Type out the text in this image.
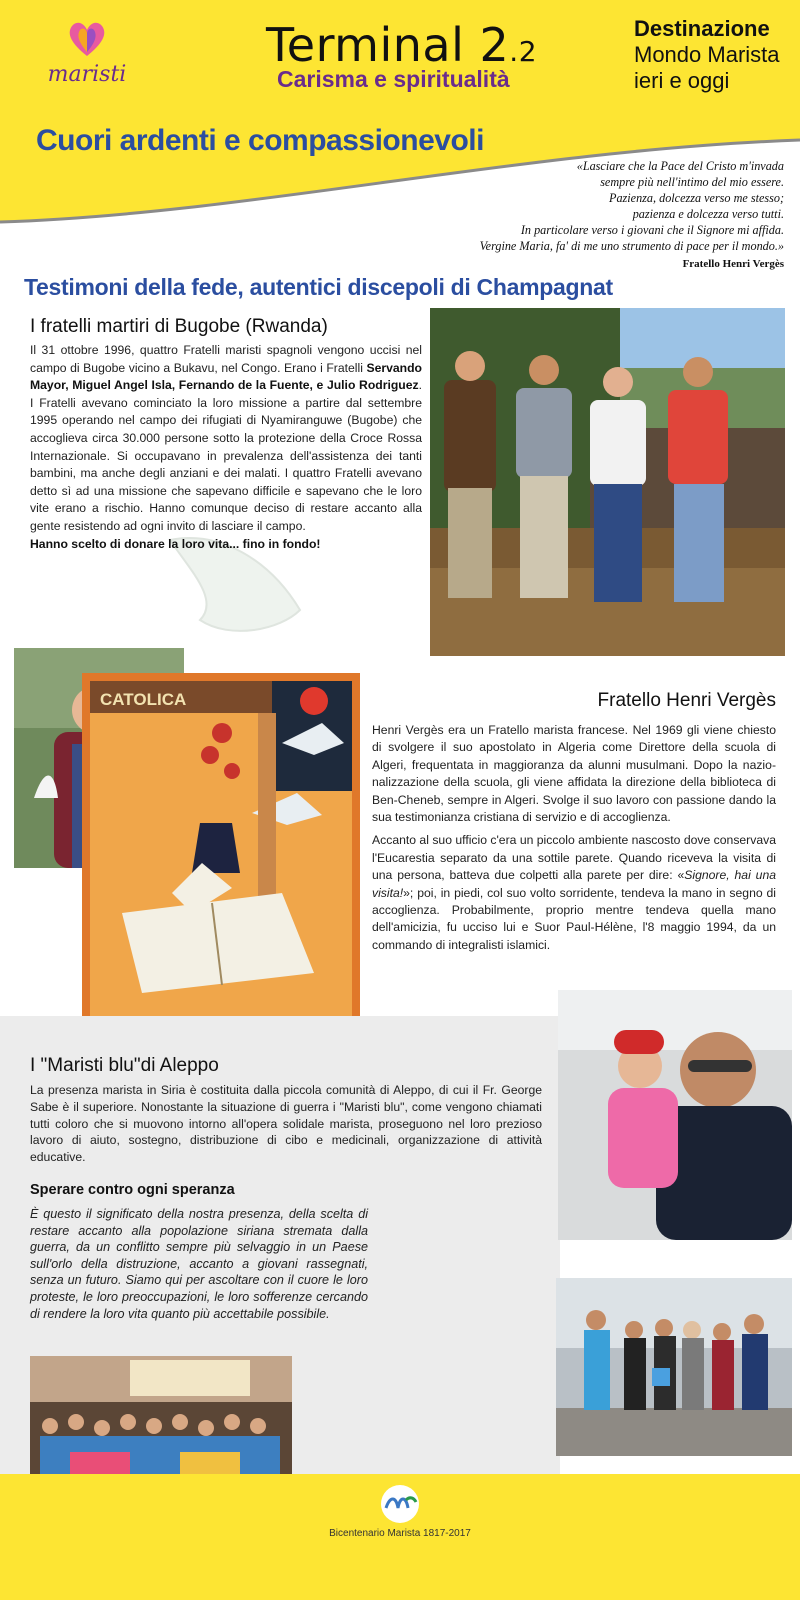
maristi
Terminal 2.2
Carisma e spiritualità
Destinazione
Mondo Marista
ieri e oggi
Cuori ardenti e compassionevoli
«Lasciare che la Pace del Cristo m'invada
sempre più nell'intimo del mio essere.
Pazienza, dolcezza verso me stesso;
pazienza e dolcezza verso tutti.
In particolare verso i giovani che il Signore mi affida.
Vergine Maria, fa' di me uno strumento di pace per il mondo.»
Fratello Henri Vergès
Testimoni della fede, autentici discepoli di Champagnat
I fratelli martiri di Bugobe (Rwanda)
Il 31 ottobre 1996, quattro Fratelli maristi spagnoli vengono uccisi nel campo di Bugobe vicino a Bukavu, nel Congo. Erano i Fratelli Servando Mayor, Miguel Angel Isla, Fernando de la Fuente, e Julio Rodriguez. I Fratelli avevano cominciato la loro missione a partire dal settembre 1995 operando nel campo dei rifugiati di Nyamiranguwe (Bugobe) che accoglieva circa 30.000 persone sotto la protezione della Croce Rossa Internazionale. Si occupavano in prevalenza dell'assistenza dei tanti bambini, ma anche degli anziani e dei malati. I quattro Fratelli avevano detto sì ad una missione che sapevano difficile e sapevano che le loro vite erano a rischio. Hanno comunque deciso di restare accanto alla gente resistendo ad ogni invito di lasciare il campo.
Hanno scelto di donare la loro vita... fino in fondo!
CATOLICA	Fratello Henri Vergès

Henri Vergès era un Fratello marista francese. Nel 1969 gli viene chiesto di svolgere il suo apostolato in Algeria come Direttore della scuola di Algeri, frequentata in maggioranza da alunni musulmani. Dopo la nazionalizzazione della scuola, gli viene affidata la direzione della biblioteca di Ben-Cheneb, sempre in Algeri. Svolge il suo lavoro con passione dando la sua testimonianza cristiana di servizio e di accoglienza.

Accanto al suo ufficio c'era un piccolo ambiente nascosto dove conservava l'Eucarestia separato da una sottile parete. Quando riceveva la visita di una persona, batteva due colpetti alla parete per dire: «Signore, hai una visita!»; poi, in piedi, col suo volto sorridente, tendeva la mano in segno di accoglienza. Probabilmente, proprio mentre tendeva quella mano dell'amicizia, fu ucciso lui e Suor Paul-Hélène, l'8 maggio 1994, da un commando di integralisti islamici.

I "Maristi blu"di Aleppo
La presenza marista in Siria è costituita dalla piccola comunità di Aleppo, di cui il Fr. George Sabe è il superiore. Nonostante la situazione di guerra i "Maristi blu", come vengono chiamati tutti coloro che si muovono intorno all'opera solidale marista, proseguono nel loro prezioso lavoro di aiuto, sostegno, distribuzione di cibo e medicinali, organizzazione di attività educative.
Sperare contro ogni speranza
È questo il significato della nostra presenza, della scelta di restare accanto alla popolazione siriana stremata dalla guerra, da un conflitto sempre più selvaggio in un Paese sull'orlo della distruzione, accanto a giovani rassegnati, senza un futuro. Siamo qui per ascoltare con il cuore le loro proteste, le loro preoccupazioni, le loro sofferenze cercando di rendere la loro vita quanto più accettabile possibile.
Bicentenario Marista 1817-2017
